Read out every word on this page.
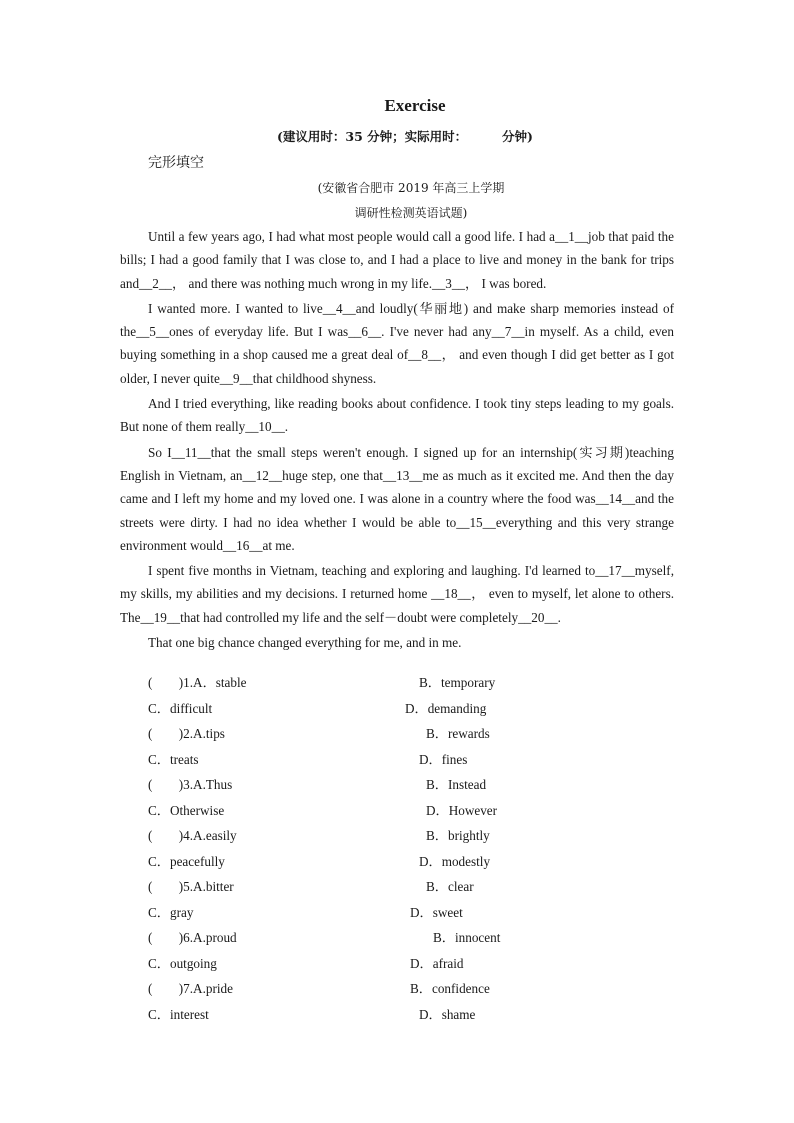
Exercise
(建议用时：35 分钟；实际用时：        分钟)
完形填空
(安徽省合肥市 2019 年高三上学期
调研性检测英语试题)

Until a few years ago, I had what most people would call a good life. I had a__1__job that paid the bills; I had a good family that I was close to, and I had a place to live and money in the bank for trips and__2__， and there was nothing much wrong in my life.__3__， I was bored.

I wanted more. I wanted to live__4__and loudly(华丽地) and make sharp memories instead of the__5__ones of everyday life. But I was__6__. I've never had any__7__in myself. As a child, even buying something in a shop caused me a great deal of__8__， and even though I did get better as I got older, I never quite__9__that childhood shyness.

And I tried everything, like reading books about confidence. I took tiny steps leading to my goals. But none of them really__10__.

So I__11__that the small steps weren't enough. I signed up for an internship(实习期)teaching English in Vietnam, an__12__huge step, one that__13__me as much as it excited me. And then the day came and I left my home and my loved one. I was alone in a country where the food was__14__and the streets were dirty. I had no idea whether I would be able to__15__everything and this very strange environment would__16__at me.

I spent five months in Vietnam, teaching and exploring and laughing. I'd learned to__17__myself, my skills, my abilities and my decisions. I returned home __18__， even to myself, let alone to others. The__19__that had controlled my life and the self－doubt were completely__20__.

That one big chance changed everything for me, and in me.

(　　)1.A．stable	B．temporary
C．difficult	D．demanding
(　　)2.A.tips	B．rewards
C．treats	D．fines
(　　)3.A.Thus	B．Instead
C．Otherwise	D．However
(　　)4.A.easily	B．brightly
C．peacefully	D．modestly
(　　)5.A.bitter	B．clear
C．gray	D．sweet
(　　)6.A.proud	B．innocent
C．outgoing	D．afraid
(　　)7.A.pride	B．confidence
C．interest	D．shame
